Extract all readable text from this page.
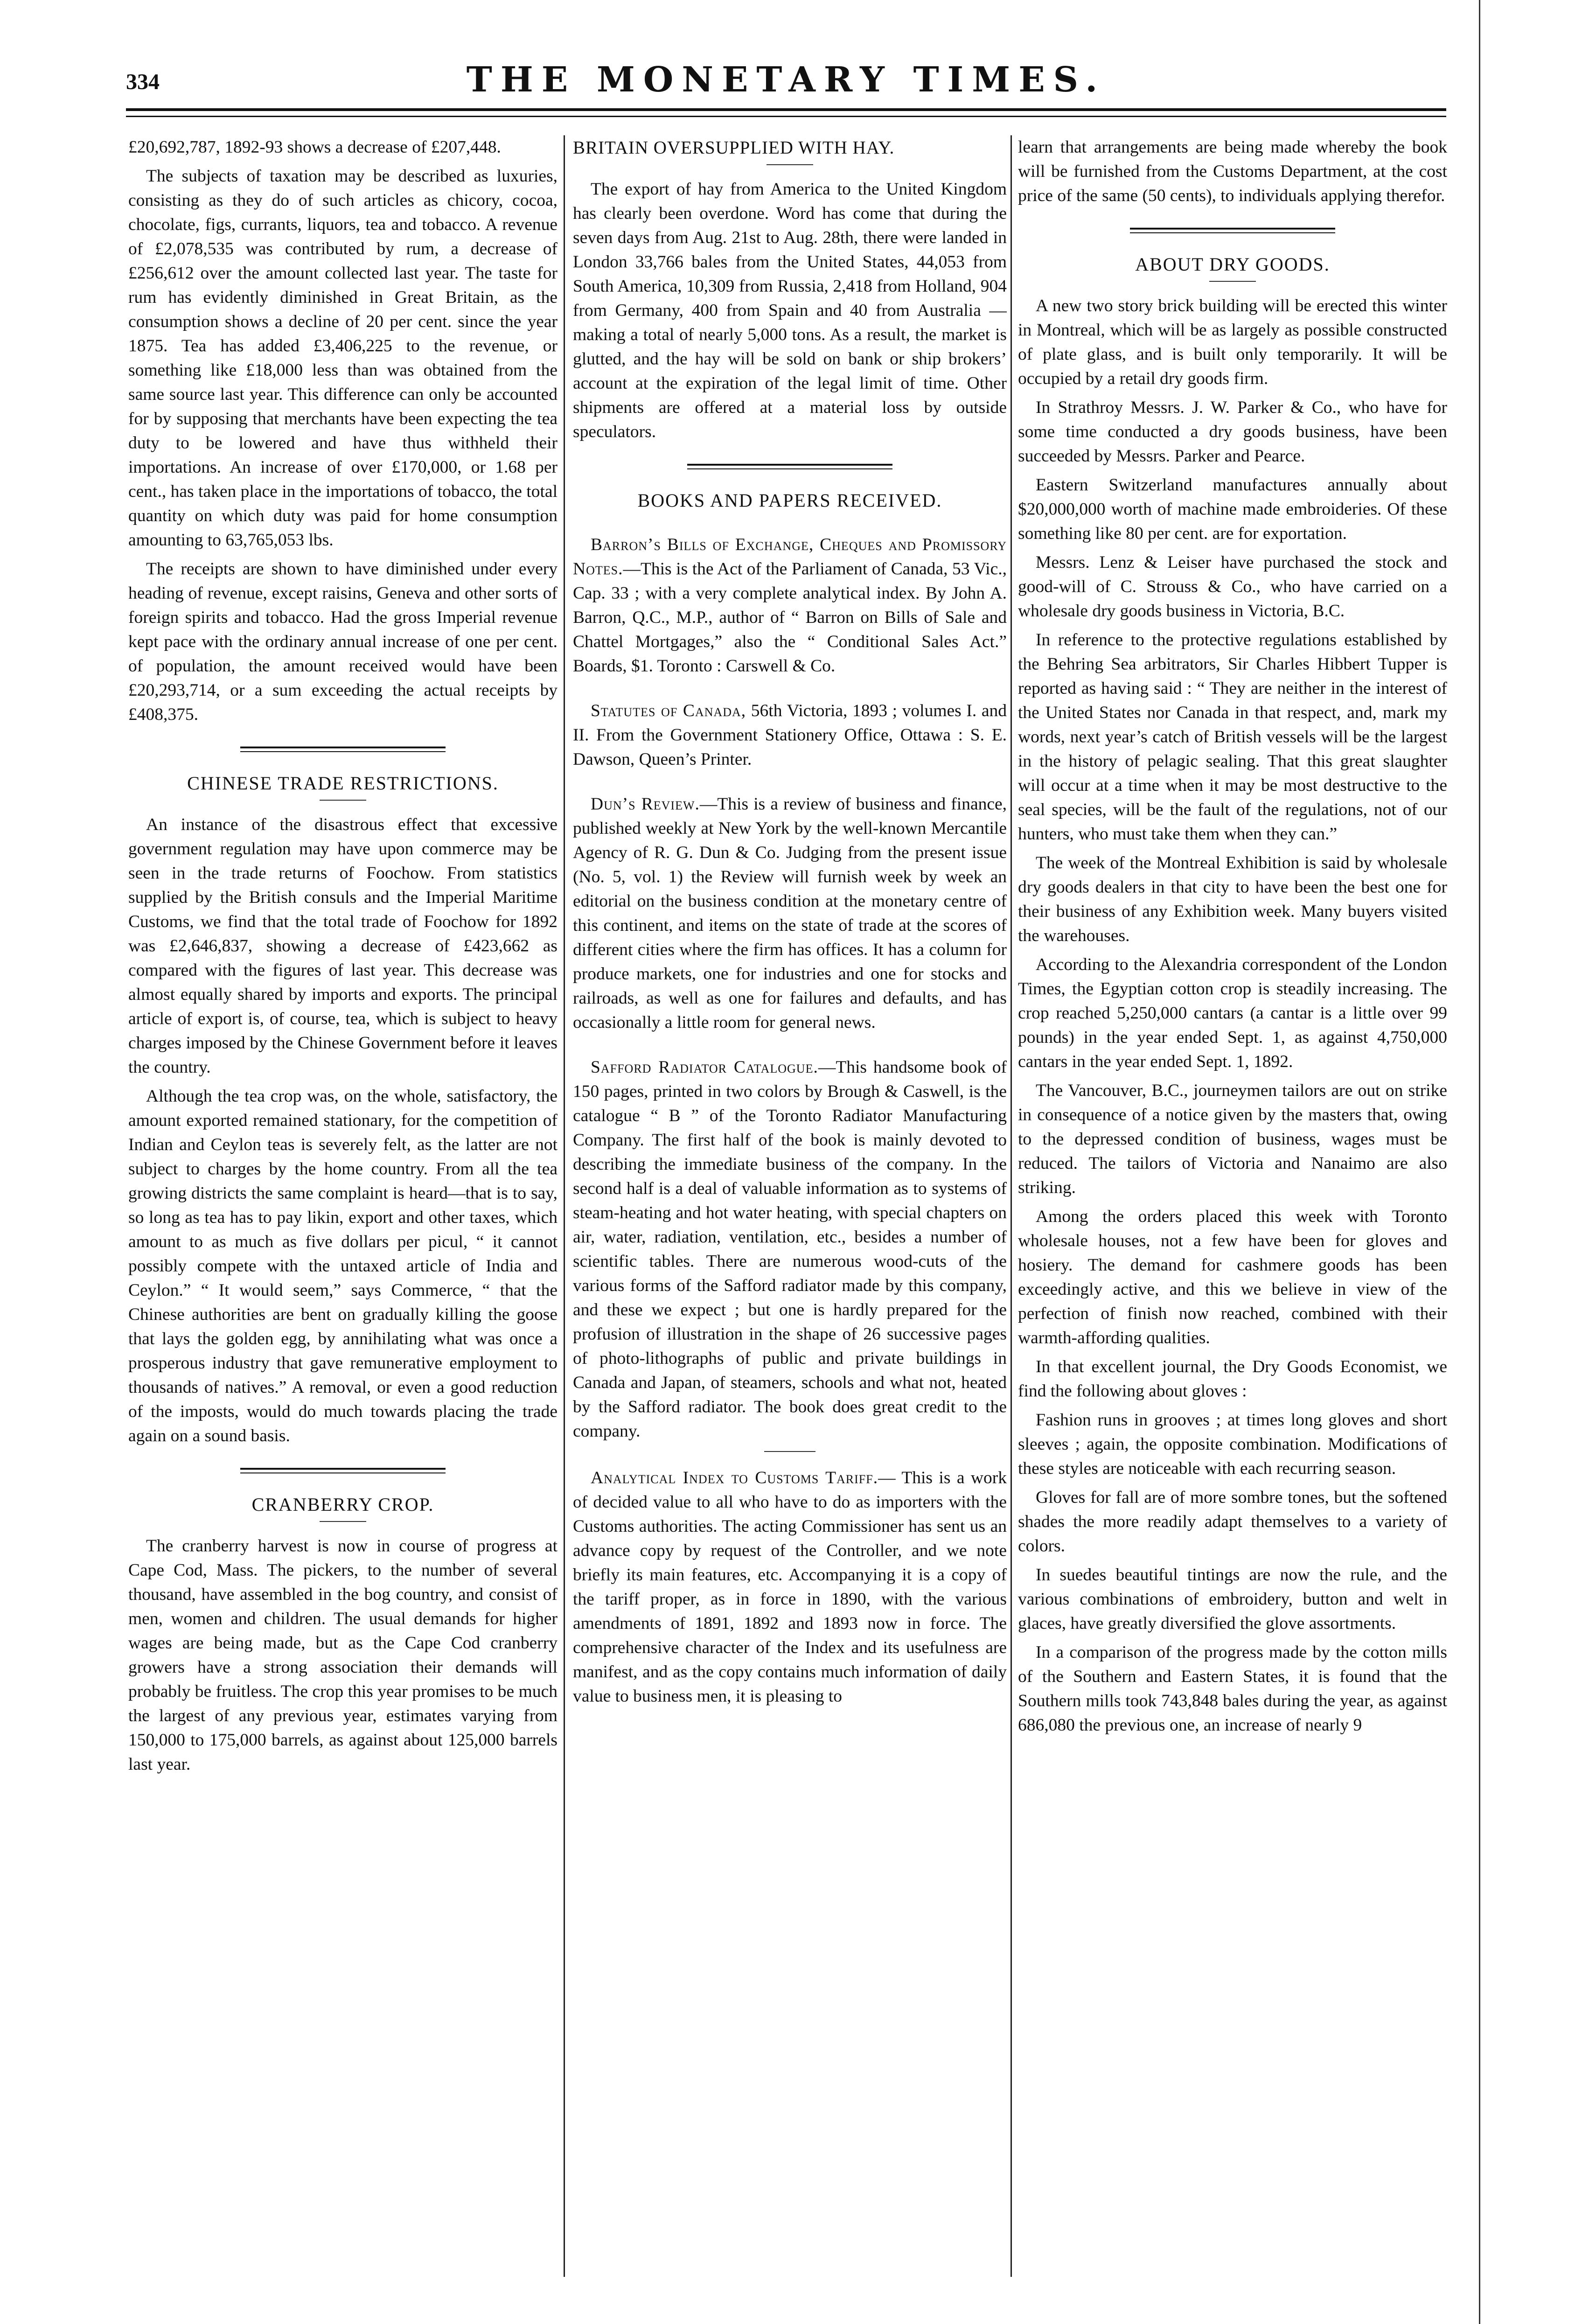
334	THE MONETARY TIMES.

£20,692,787, 1892-93 shows a decrease of £207,448.

The subjects of taxation may be described as luxuries, consisting as they do of such articles as chicory, cocoa, chocolate, figs, currants, liquors, tea and tobacco. A revenue of £2,078,535 was contributed by rum, a decrease of £256,612 over the amount collected last year. The taste for rum has evidently diminished in Great Britain, as the consumption shows a decline of 20 per cent. since the year 1875. Tea has added £3,406,225 to the revenue, or something like £18,000 less than was obtained from the same source last year. This difference can only be accounted for by supposing that merchants have been expecting the tea duty to be lowered and have thus withheld their importations. An increase of over £170,000, or 1.68 per cent., has taken place in the importations of tobacco, the total quantity on which duty was paid for home consumption amounting to 63,765,053 lbs.

The receipts are shown to have diminished under every heading of revenue, except raisins, Geneva and other sorts of foreign spirits and tobacco. Had the gross Imperial revenue kept pace with the ordinary annual increase of one per cent. of population, the amount received would have been £20,293,714, or a sum exceeding the actual receipts by £408,375.

CHINESE TRADE RESTRICTIONS.

An instance of the disastrous effect that excessive government regulation may have upon commerce may be seen in the trade returns of Foochow. From statistics supplied by the British consuls and the Imperial Maritime Customs, we find that the total trade of Foochow for 1892 was £2,646,837, showing a decrease of £423,662 as compared with the figures of last year. This decrease was almost equally shared by imports and exports. The principal article of export is, of course, tea, which is subject to heavy charges imposed by the Chinese Government before it leaves the country.

Although the tea crop was, on the whole, satisfactory, the amount exported remained stationary, for the competition of Indian and Ceylon teas is severely felt, as the latter are not subject to charges by the home country. From all the tea growing districts the same complaint is heard—that is to say, so long as tea has to pay likin, export and other taxes, which amount to as much as five dollars per picul, “ it cannot possibly compete with the untaxed article of India and Ceylon.” “ It would seem,” says Commerce, “ that the Chinese authorities are bent on gradually killing the goose that lays the golden egg, by annihilating what was once a prosperous industry that gave remunerative employment to thousands of natives.” A removal, or even a good reduction of the imposts, would do much towards placing the trade again on a sound basis.

CRANBERRY CROP.

The cranberry harvest is now in course of progress at Cape Cod, Mass. The pickers, to the number of several thousand, have assembled in the bog country, and consist of men, women and children. The usual demands for higher wages are being made, but as the Cape Cod cranberry growers have a strong association their demands will probably be fruitless. The crop this year promises to be much the largest of any previous year, estimates varying from 150,000 to 175,000 barrels, as against about 125,000 barrels last year.

BRITAIN OVERSUPPLIED WITH HAY.

The export of hay from America to the United Kingdom has clearly been overdone. Word has come that during the seven days from Aug. 21st to Aug. 28th, there were landed in London 33,766 bales from the United States, 44,053 from South America, 10,309 from Russia, 2,418 from Holland, 904 from Germany, 400 from Spain and 40 from Australia —making a total of nearly 5,000 tons. As a result, the market is glutted, and the hay will be sold on bank or ship brokers’ account at the expiration of the legal limit of time. Other shipments are offered at a material loss by outside speculators.

BOOKS AND PAPERS RECEIVED.

Barron’s Bills of Exchange, Cheques and Promissory Notes.—This is the Act of the Parliament of Canada, 53 Vic., Cap. 33 ; with a very complete analytical index. By John A. Barron, Q.C., M.P., author of “ Barron on Bills of Sale and Chattel Mortgages,” also the “ Conditional Sales Act.” Boards, $1. Toronto : Carswell & Co.

Statutes of Canada, 56th Victoria, 1893 ; volumes I. and II. From the Government Stationery Office, Ottawa : S. E. Dawson, Queen’s Printer.

Dun’s Review.—This is a review of business and finance, published weekly at New York by the well-known Mercantile Agency of R. G. Dun & Co. Judging from the present issue (No. 5, vol. 1) the Review will furnish week by week an editorial on the business condition at the monetary centre of this continent, and items on the state of trade at the scores of different cities where the firm has offices. It has a column for produce markets, one for industries and one for stocks and railroads, as well as one for failures and defaults, and has occasionally a little room for general news.

Safford Radiator Catalogue.—This handsome book of 150 pages, printed in two colors by Brough & Caswell, is the catalogue “ B ” of the Toronto Radiator Manufacturing Company. The first half of the book is mainly devoted to describing the immediate business of the company. In the second half is a deal of valuable information as to systems of steam-heating and hot water heating, with special chapters on air, water, radiation, ventilation, etc., besides a number of scientific tables. There are numerous wood-cuts of the various forms of the Safford radiator made by this company, and these we expect ; but one is hardly prepared for the profusion of illustration in the shape of 26 successive pages of photo-lithographs of public and private buildings in Canada and Japan, of steamers, schools and what not, heated by the Safford radiator. The book does great credit to the company.

Analytical Index to Customs Tariff.— This is a work of decided value to all who have to do as importers with the Customs authorities. The acting Commissioner has sent us an advance copy by request of the Controller, and we note briefly its main features, etc. Accompanying it is a copy of the tariff proper, as in force in 1890, with the various amendments of 1891, 1892 and 1893 now in force. The comprehensive character of the Index and its usefulness are manifest, and as the copy contains much information of daily value to business men, it is pleasing to

learn that arrangements are being made whereby the book will be furnished from the Customs Department, at the cost price of the same (50 cents), to individuals applying therefor.

ABOUT DRY GOODS.

A new two story brick building will be erected this winter in Montreal, which will be as largely as possible constructed of plate glass, and is built only temporarily. It will be occupied by a retail dry goods firm.

In Strathroy Messrs. J. W. Parker & Co., who have for some time conducted a dry goods business, have been succeeded by Messrs. Parker and Pearce.

Eastern Switzerland manufactures annually about $20,000,000 worth of machine made embroideries. Of these something like 80 per cent. are for exportation.

Messrs. Lenz & Leiser have purchased the stock and good-will of C. Strouss & Co., who have carried on a wholesale dry goods business in Victoria, B.C.

In reference to the protective regulations established by the Behring Sea arbitrators, Sir Charles Hibbert Tupper is reported as having said : “ They are neither in the interest of the United States nor Canada in that respect, and, mark my words, next year’s catch of British vessels will be the largest in the history of pelagic sealing. That this great slaughter will occur at a time when it may be most destructive to the seal species, will be the fault of the regulations, not of our hunters, who must take them when they can.”

The week of the Montreal Exhibition is said by wholesale dry goods dealers in that city to have been the best one for their business of any Exhibition week. Many buyers visited the warehouses.

According to the Alexandria correspondent of the London Times, the Egyptian cotton crop is steadily increasing. The crop reached 5,250,000 cantars (a cantar is a little over 99 pounds) in the year ended Sept. 1, as against 4,750,000 cantars in the year ended Sept. 1, 1892.

The Vancouver, B.C., journeymen tailors are out on strike in consequence of a notice given by the masters that, owing to the depressed condition of business, wages must be reduced. The tailors of Victoria and Nanaimo are also striking.

Among the orders placed this week with Toronto wholesale houses, not a few have been for gloves and hosiery. The demand for cashmere goods has been exceedingly active, and this we believe in view of the perfection of finish now reached, combined with their warmth-affording qualities.

In that excellent journal, the Dry Goods Economist, we find the following about gloves :

Fashion runs in grooves ; at times long gloves and short sleeves ; again, the opposite combination. Modifications of these styles are noticeable with each recurring season.

Gloves for fall are of more sombre tones, but the softened shades the more readily adapt themselves to a variety of colors.

In suedes beautiful tintings are now the rule, and the various combinations of embroidery, button and welt in glaces, have greatly diversified the glove assortments.

In a comparison of the progress made by the cotton mills of the Southern and Eastern States, it is found that the Southern mills took 743,848 bales during the year, as against 686,080 the previous one, an increase of nearly 9
